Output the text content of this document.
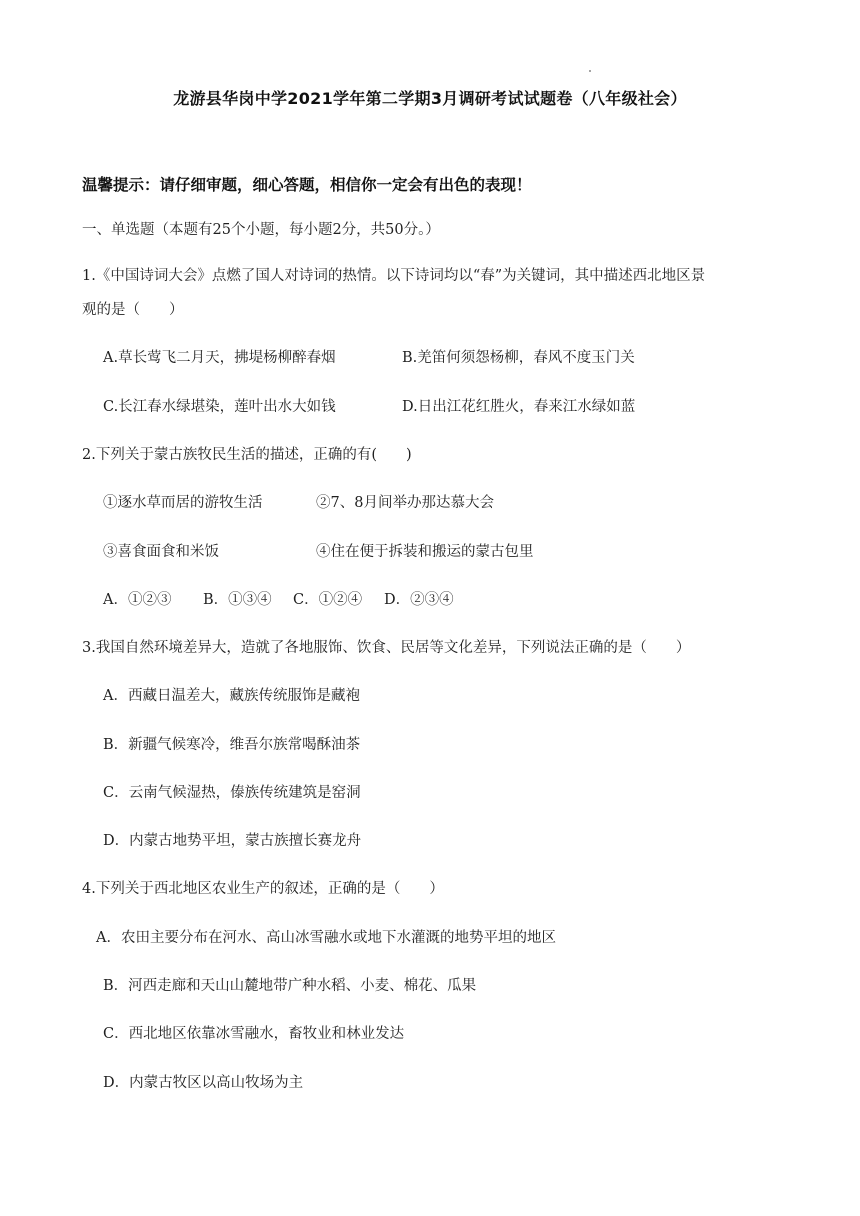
龙游县华岗中学2021学年第二学期3月调研考试试题卷（八年级社会）
温馨提示：请仔细审题，细心答题，相信你一定会有出色的表现！
一、单选题（本题有25个小题，每小题2分，共50分。）
1.《中国诗词大会》点燃了国人对诗词的热情。以下诗词均以“春”为关键词，其中描述西北地区景
观的是（　　）
A.草长莺飞二月天，拂堤杨柳醉春烟	B.羌笛何须怨杨柳，春风不度玉门关
C.长江春水绿堪染，莲叶出水大如钱	D.日出江花红胜火，春来江水绿如蓝
2.下列关于蒙古族牧民生活的描述，正确的有(　　)
①逐水草而居的游牧生活	②7、8月间举办那达慕大会
③喜食面食和米饭	④住在便于拆装和搬运的蒙古包里
A．①②③ B．①③④ C．①②④ D．②③④
3.我国自然环境差异大，造就了各地服饰、饮食、民居等文化差异，下列说法正确的是（　　）
A．西藏日温差大，藏族传统服饰是藏袍
B．新疆气候寒冷，维吾尔族常喝酥油茶
C．云南气候湿热，傣族传统建筑是窑洞
D．内蒙古地势平坦，蒙古族擅长赛龙舟
4.下列关于西北地区农业生产的叙述，正确的是（　　）
A．农田主要分布在河水、高山冰雪融水或地下水灌溉的地势平坦的地区
B．河西走廊和天山山麓地带广种水稻、小麦、棉花、瓜果
C．西北地区依靠冰雪融水，畜牧业和林业发达
D．内蒙古牧区以高山牧场为主
